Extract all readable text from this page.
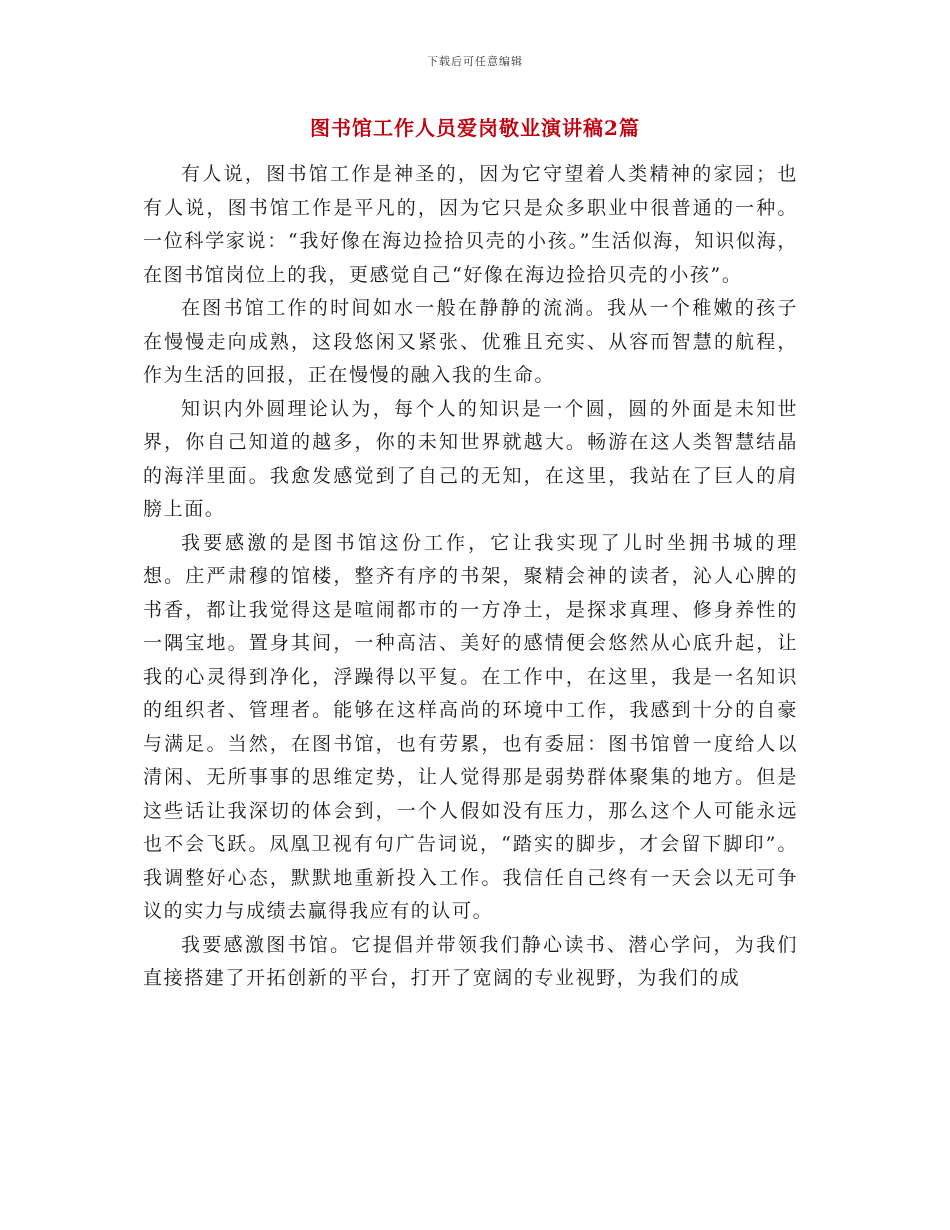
下载后可任意编辑
图书馆工作人员爱岗敬业演讲稿2篇

有人说，图书馆工作是神圣的，因为它守望着人类精神的家园；也有人说，图书馆工作是平凡的，因为它只是众多职业中很普通的一种。一位科学家说：“我好像在海边捡拾贝壳的小孩。”生活似海，知识似海，在图书馆岗位上的我，更感觉自己“好像在海边捡拾贝壳的小孩”。

在图书馆工作的时间如水一般在静静的流淌。我从一个稚嫩的孩子在慢慢走向成熟，这段悠闲又紧张、优雅且充实、从容而智慧的航程，作为生活的回报，正在慢慢的融入我的生命。

知识内外圆理论认为，每个人的知识是一个圆，圆的外面是未知世界，你自己知道的越多，你的未知世界就越大。畅游在这人类智慧结晶的海洋里面。我愈发感觉到了自己的无知，在这里，我站在了巨人的肩膀上面。

我要感激的是图书馆这份工作，它让我实现了儿时坐拥书城的理想。庄严肃穆的馆楼，整齐有序的书架，聚精会神的读者，沁人心脾的书香，都让我觉得这是喧闹都市的一方净土，是探求真理、修身养性的一隅宝地。置身其间，一种高洁、美好的感情便会悠然从心底升起，让我的心灵得到净化，浮躁得以平复。在工作中，在这里，我是一名知识的组织者、管理者。能够在这样高尚的环境中工作，我感到十分的自豪与满足。当然，在图书馆，也有劳累，也有委屈：图书馆曾一度给人以清闲、无所事事的思维定势，让人觉得那是弱势群体聚集的地方。但是这些话让我深切的体会到，一个人假如没有压力，那么这个人可能永远也不会飞跃。凤凰卫视有句广告词说，“踏实的脚步，才会留下脚印”。我调整好心态，默默地重新投入工作。我信任自己终有一天会以无可争议的实力与成绩去赢得我应有的认可。

我要感激图书馆。它提倡并带领我们静心读书、潜心学问，为我们直接搭建了开拓创新的平台，打开了宽阔的专业视野，为我们的成
